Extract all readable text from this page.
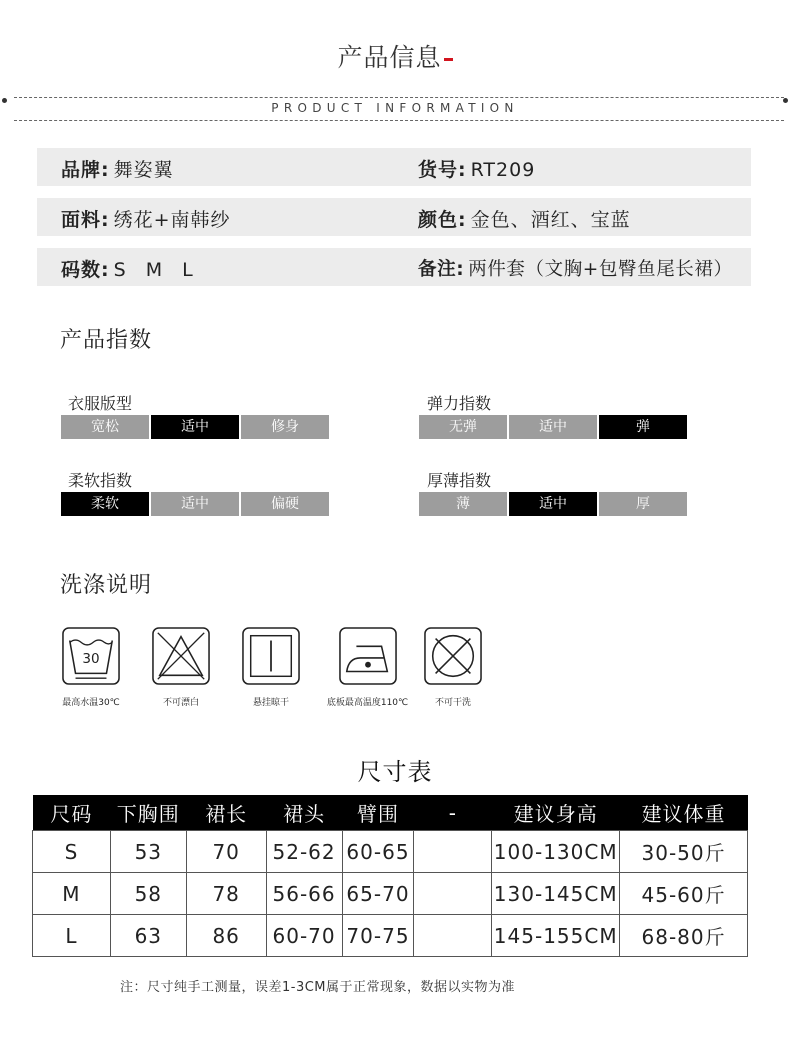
产品信息
PRODUCT INFORMATION
品牌: 舞姿翼	货号: RT209
面料: 绣花+南韩纱	颜色: 金色、酒红、宝蓝
码数: S M L	备注: 两件套（文胸+包臀鱼尾长裙）
产品指数
衣服版型
宽松	适中	修身
弹力指数
无弹	适中	弹
柔软指数
柔软	适中	偏硬
厚薄指数
薄	适中	厚
洗涤说明
30
最高水温30℃	不可漂白	悬挂晾干	底板最高温度110℃	不可干洗
尺寸表
尺码	下胸围	裙长	裙头	臂围	-	建议身高	建议体重
S	53	70	52-62	60-65		100-130CM	30-50斤
M	58	78	56-66	65-70		130-145CM	45-60斤
L	63	86	60-70	70-75		145-155CM	68-80斤
注：尺寸纯手工测量，误差1-3CM属于正常现象，数据以实物为准
